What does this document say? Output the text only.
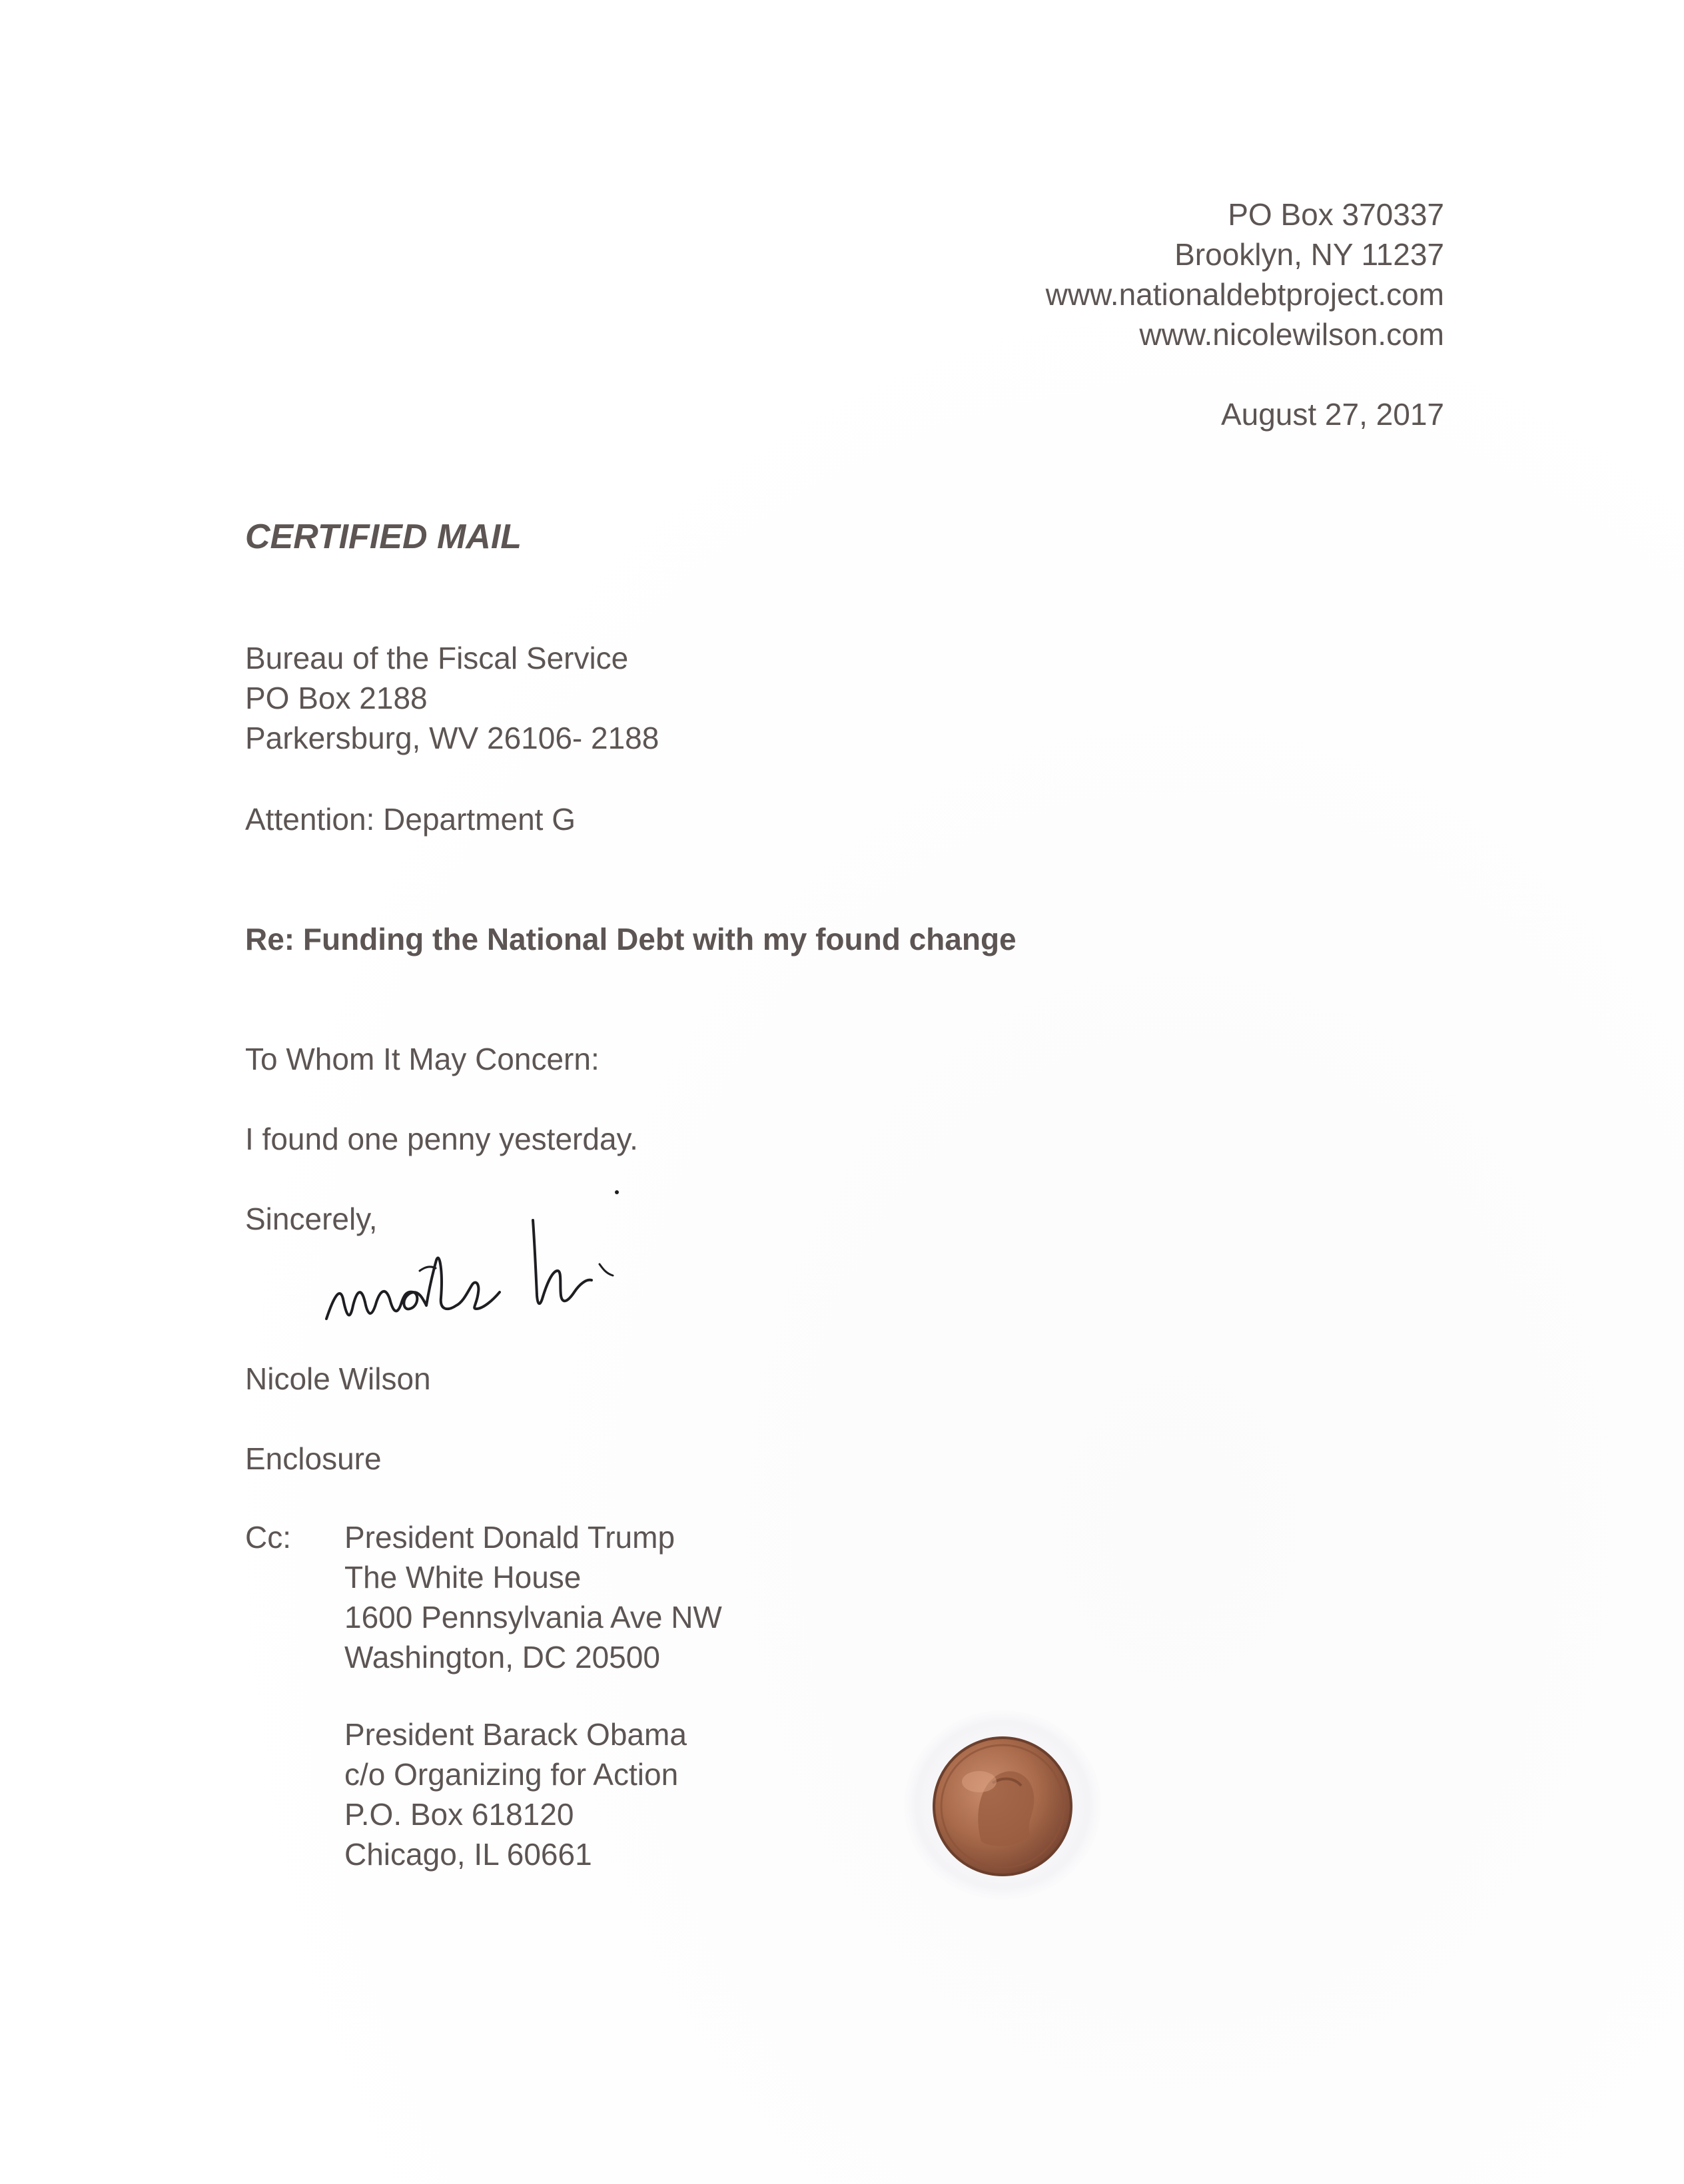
PO Box 370337
Brooklyn, NY 11237
www.nationaldebtproject.com
www.nicolewilson.com
August 27, 2017
CERTIFIED MAIL
Bureau of the Fiscal Service
PO Box 2188
Parkersburg, WV 26106- 2188
Attention: Department G
Re: Funding the National Debt with my found change
To Whom It May Concern:
I found one penny yesterday.
Sincerely,
Nicole Wilson
Enclosure
Cc: President Donald Trump
The White House
1600 Pennsylvania Ave NW
Washington, DC 20500
President Barack Obama
c/o Organizing for Action
P.O. Box 618120
Chicago, IL 60661
